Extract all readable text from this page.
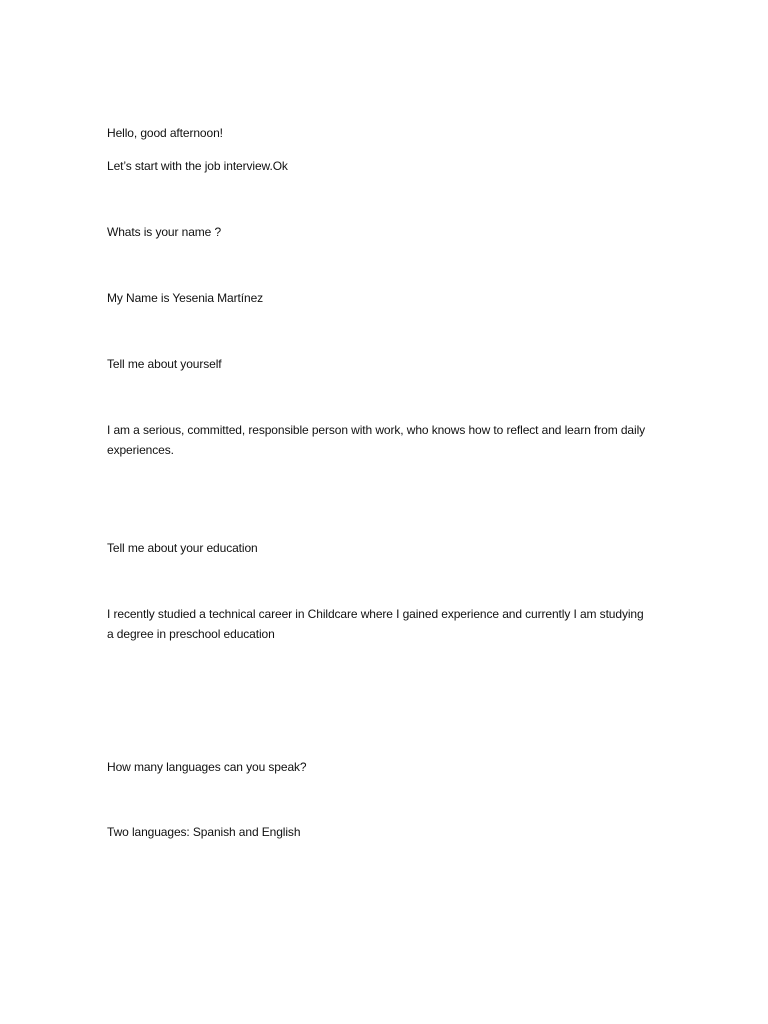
Hello, good afternoon!

Let’s start with the job interview.Ok

Whats is your name ?

My Name is Yesenia Martínez

Tell me about yourself

I am a serious, committed, responsible person with work, who knows how to reflect and learn from daily experiences.

Tell me about your education

I recently studied a technical career in Childcare where I gained experience and currently I am studying a degree in preschool education

How many languages can you speak?

Two languages: Spanish and English
